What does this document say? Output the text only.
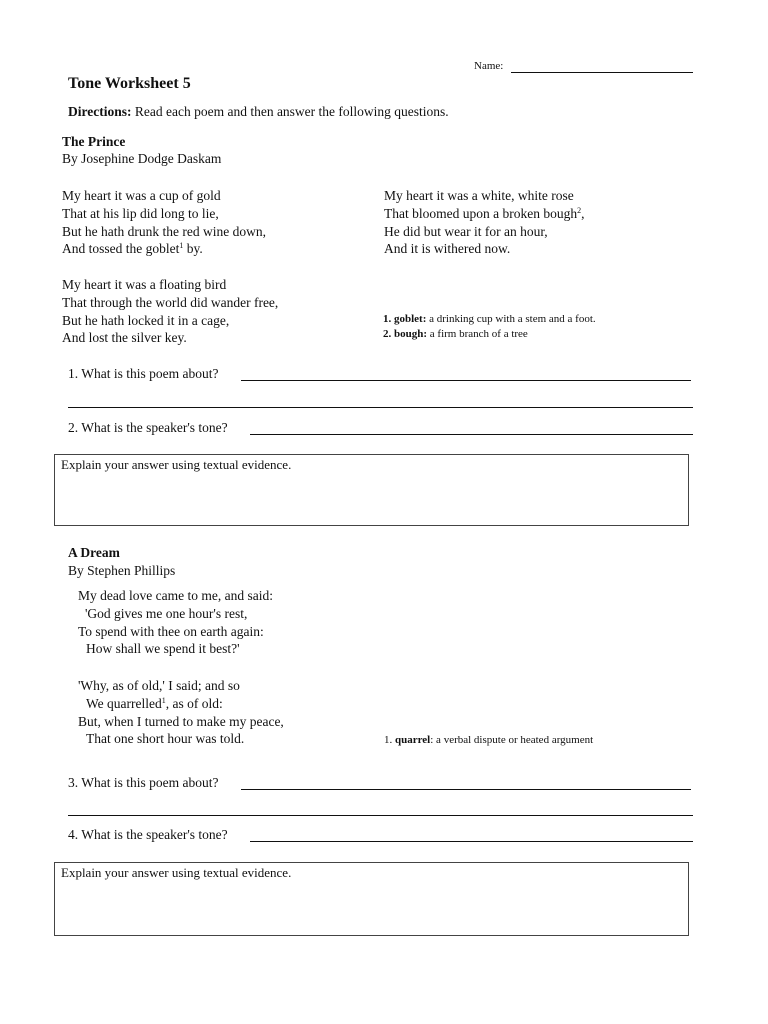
Name:
Tone Worksheet 5
Directions: Read each poem and then answer the following questions.
The Prince
By Josephine Dodge Daskam
My heart it was a cup of gold
That at his lip did long to lie,
But he hath drunk the red wine down,
And tossed the goblet$^1$ by.
My heart it was a floating bird
That through the world did wander free,
But he hath locked it in a cage,
And lost the silver key.
My heart it was a white, white rose
That bloomed upon a broken bough$^2$,
He did but wear it for an hour,
And it is withered now.
1. goblet: a drinking cup with a stem and a foot.
2. bough: a firm branch of a tree
1. What is this poem about?
2. What is the speaker's tone?
Explain your answer using textual evidence.
A Dream
By Stephen Phillips
My dead love came to me, and said:
'God gives me one hour's rest,
To spend with thee on earth again:
How shall we spend it best?'
'Why, as of old,' I said; and so
We quarrelled$^1$, as of old:
But, when I turned to make my peace,
That one short hour was told.	1. quarrel: a verbal dispute or heated argument
3. What is this poem about?
4. What is the speaker's tone?
Explain your answer using textual evidence.
